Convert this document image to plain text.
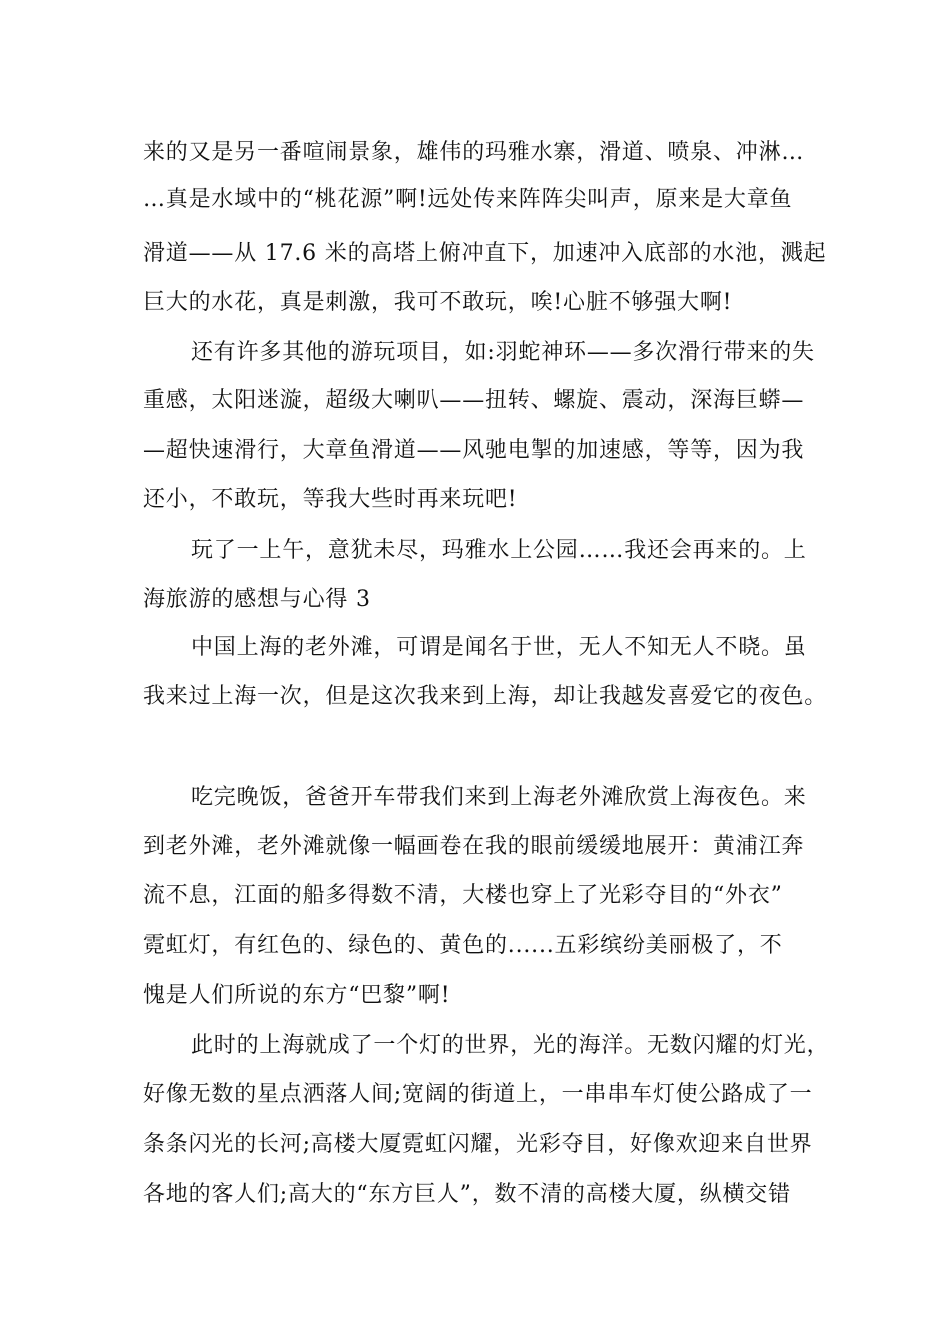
来的又是另一番喧闹景象，雄伟的玛雅水寨，滑道、喷泉、冲淋…
…真是水域中的“桃花源”啊!远处传来阵阵尖叫声，原来是大章鱼
滑道——从 17.6 米的高塔上俯冲直下，加速冲入底部的水池，溅起
巨大的水花，真是刺激，我可不敢玩，唉!心脏不够强大啊!
还有许多其他的游玩项目，如:羽蛇神环——多次滑行带来的失
重感，太阳迷漩，超级大喇叭——扭转、螺旋、震动，深海巨蟒—
—超快速滑行，大章鱼滑道——风驰电掣的加速感，等等，因为我
还小，不敢玩，等我大些时再来玩吧!
玩了一上午，意犹未尽，玛雅水上公园……我还会再来的。上
海旅游的感想与心得 3
中国上海的老外滩，可谓是闻名于世，无人不知无人不晓。虽
我来过上海一次，但是这次我来到上海，却让我越发喜爱它的夜色。
吃完晚饭，爸爸开车带我们来到上海老外滩欣赏上海夜色。来
到老外滩，老外滩就像一幅画卷在我的眼前缓缓地展开：黄浦江奔
流不息，江面的船多得数不清，大楼也穿上了光彩夺目的“外衣”
霓虹灯，有红色的、绿色的、黄色的......五彩缤纷美丽极了，不
愧是人们所说的东方“巴黎”啊!
此时的上海就成了一个灯的世界，光的海洋。无数闪耀的灯光，
好像无数的星点洒落人间;宽阔的街道上，一串串车灯使公路成了一
条条闪光的长河;高楼大厦霓虹闪耀，光彩夺目，好像欢迎来自世界
各地的客人们;高大的“东方巨人”，数不清的高楼大厦，纵横交错
